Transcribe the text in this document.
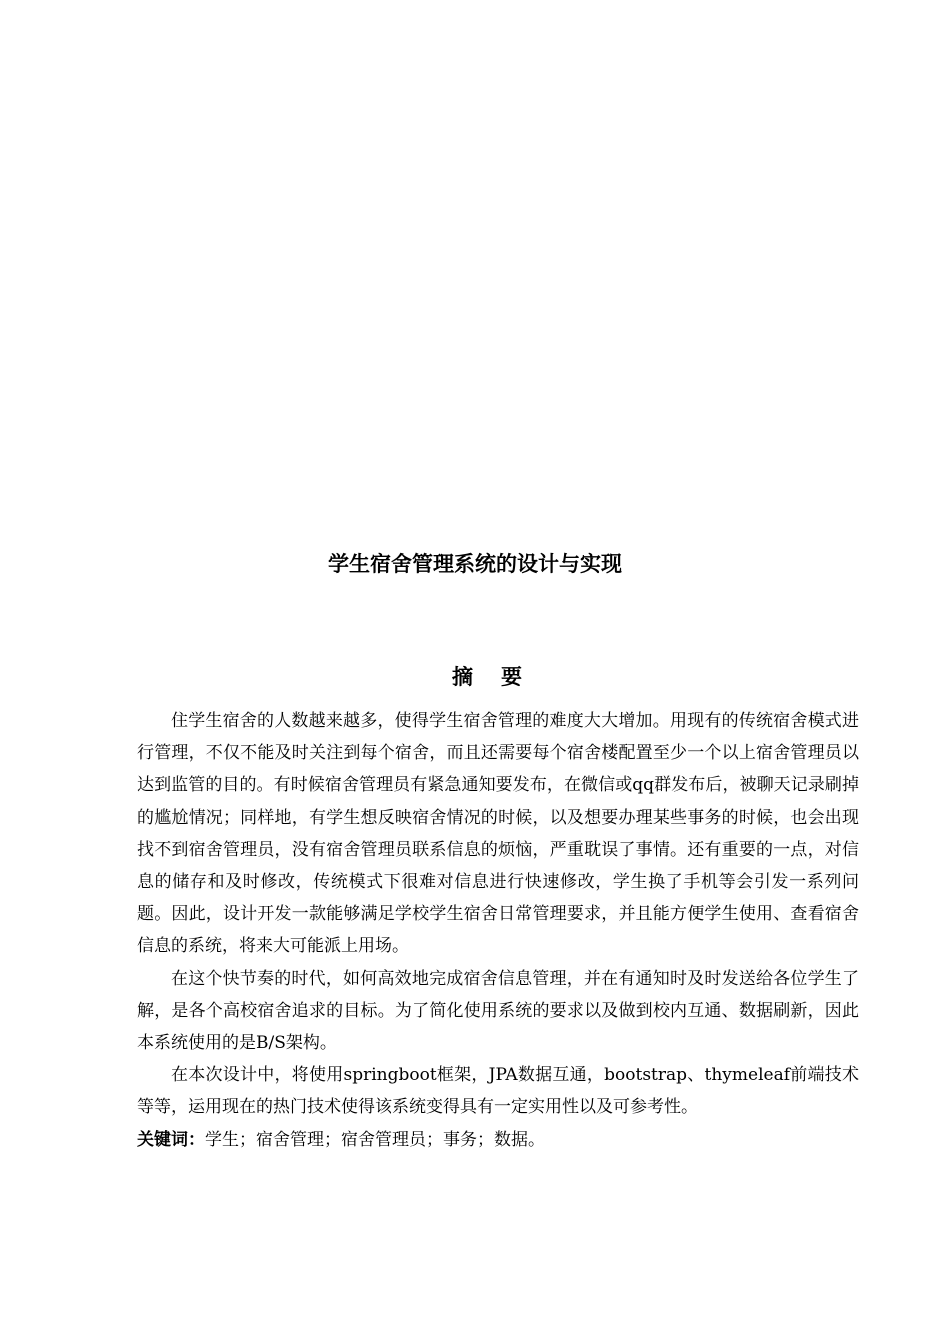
学生宿舍管理系统的设计与实现
摘要

住学生宿舍的人数越来越多，使得学生宿舍管理的难度大大增加。用现有的传统宿舍模式进行管理，不仅不能及时关注到每个宿舍，而且还需要每个宿舍楼配置至少一个以上宿舍管理员以达到监管的目的。有时候宿舍管理员有紧急通知要发布，在微信或qq群发布后，被聊天记录刷掉的尴尬情况；同样地，有学生想反映宿舍情况的时候，以及想要办理某些事务的时候，也会出现找不到宿舍管理员，没有宿舍管理员联系信息的烦恼，严重耽误了事情。还有重要的一点，对信息的储存和及时修改，传统模式下很难对信息进行快速修改，学生换了手机等会引发一系列问题。因此，设计开发一款能够满足学校学生宿舍日常管理要求，并且能方便学生使用、查看宿舍信息的系统，将来大可能派上用场。

在这个快节奏的时代，如何高效地完成宿舍信息管理，并在有通知时及时发送给各位学生了解，是各个高校宿舍追求的目标。为了简化使用系统的要求以及做到校内互通、数据刷新，因此本系统使用的是B/S架构。

在本次设计中，将使用springboot框架，JPA数据互通，bootstrap、thymeleaf前端技术等等，运用现在的热门技术使得该系统变得具有一定实用性以及可参考性。

关键词：学生；宿舍管理；宿舍管理员；事务；数据。
